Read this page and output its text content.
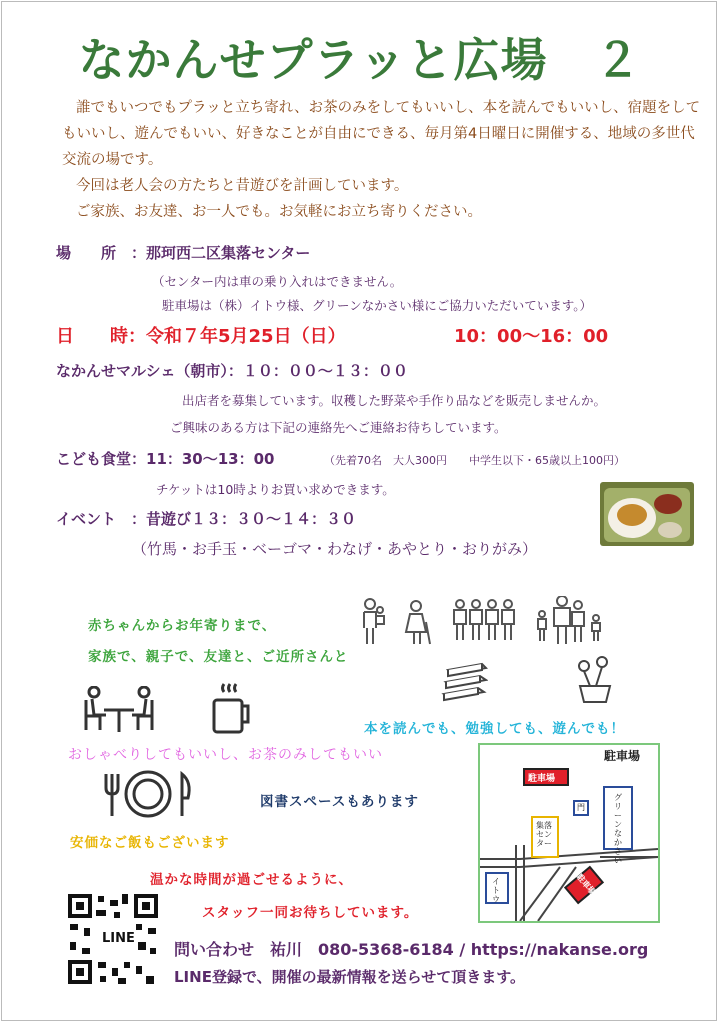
なかんせプラッと広場　２
誰でもいつでもプラッと立ち寄れ、お茶のみをしてもいいし、本を読んでもいいし、宿題をしてもいいし、遊んでもいい、好きなことが自由にできる、毎月第4日曜日に開催する、地域の多世代交流の場です。
今回は老人会の方たちと昔遊びを計画しています。
ご家族、お友達、お一人でも。お気軽にお立ち寄りください。
場　　所　：那珂西二区集落センター
（センター内は車の乗り入れはできません。
駐車場は（株）イトウ様、グリーンなかさい様にご協力いただいています。）
日　　時：令和７年5月25日（日）	10：00～16：00
なかんせマルシェ（朝市）：１０：００～１３：００
出店者を募集しています。収穫した野菜や手作り品などを販売しませんか。
ご興味のある方は下記の連絡先へご連絡お待ちしています。
こども食堂：11：30～13：00	（先着70名　大人300円　　中学生以下・65歳以上100円）
チケットは10時よりお買い求めできます。
イベント　：昔遊び１３：３０～１４：３０
（竹馬・お手玉・ベーゴマ・わなげ・あやとり・おりがみ）
赤ちゃんからお年寄りまで、
家族で、親子で、友達と、ご近所さんと
本を読んでも、勉強しても、遊んでも！
おしゃべりしてもいいし、お茶のみしてもいい
図書スペースもあります
安価なご飯もございます
温かな時間が過ごせるように、
スタッフ一同お待ちしています。
駐車場
駐車場
集落センター
門
グリーンなかさい
イトウ
駐車場
LINE
問い合わせ　祐川　080-5368-6184 / https://nakanse.org
LINE登録で、開催の最新情報を送らせて頂きます。
